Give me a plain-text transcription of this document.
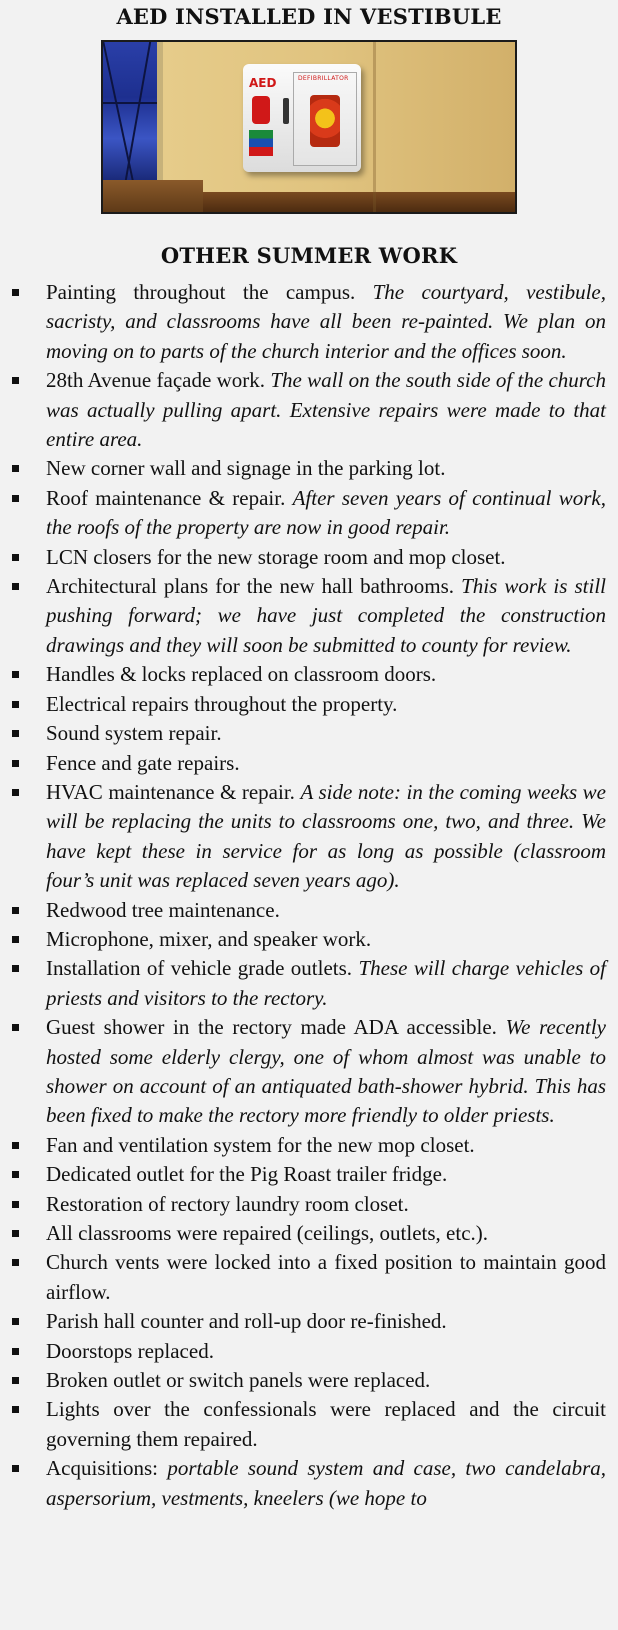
AED INSTALLED IN VESTIBULE
AED	DEFIBRILLATOR
OTHER SUMMER WORK
Painting throughout the campus. The courtyard, vestibule, sacristy, and classrooms have all been re-painted. We plan on moving on to parts of the church interior and the offices soon.
28th Avenue façade work. The wall on the south side of the church was actually pulling apart. Extensive repairs were made to that entire area.
New corner wall and signage in the parking lot.
Roof maintenance & repair. After seven years of continual work, the roofs of the property are now in good repair.
LCN closers for the new storage room and mop closet.
Architectural plans for the new hall bathrooms. This work is still pushing forward; we have just completed the construction drawings and they will soon be submitted to county for review.
Handles & locks replaced on classroom doors.
Electrical repairs throughout the property.
Sound system repair.
Fence and gate repairs.
HVAC maintenance & repair. A side note: in the coming weeks we will be replacing the units to classrooms one, two, and three. We have kept these in service for as long as possible (classroom four’s unit was replaced seven years ago).
Redwood tree maintenance.
Microphone, mixer, and speaker work.
Installation of vehicle grade outlets. These will charge vehicles of priests and visitors to the rectory.
Guest shower in the rectory made ADA accessible. We recently hosted some elderly clergy, one of whom almost was unable to shower on account of an antiquated bath-shower hybrid. This has been fixed to make the rectory more friendly to older priests.
Fan and ventilation system for the new mop closet.
Dedicated outlet for the Pig Roast trailer fridge.
Restoration of rectory laundry room closet.
All classrooms were repaired (ceilings, outlets, etc.).
Church vents were locked into a fixed position to maintain good airflow.
Parish hall counter and roll-up door re-finished.
Doorstops replaced.
Broken outlet or switch panels were replaced.
Lights over the confessionals were replaced and the circuit governing them repaired.
Acquisitions: portable sound system and case, two candelabra, aspersorium, vestments, kneelers (we hope to
